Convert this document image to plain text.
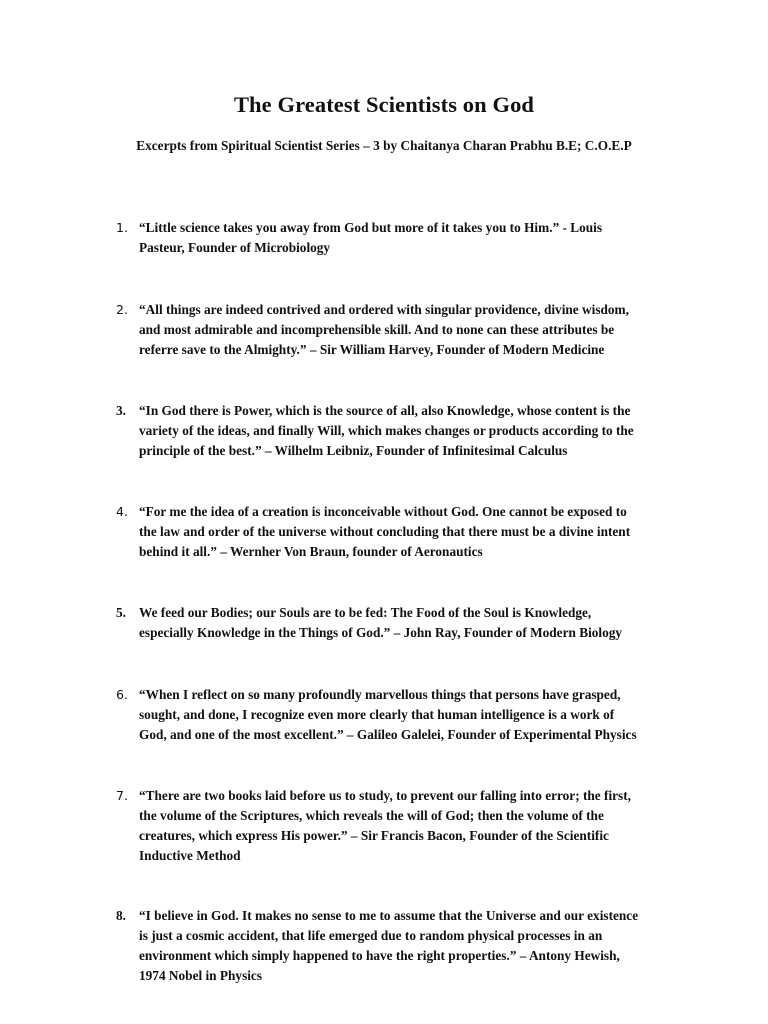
The Greatest Scientists on God
Excerpts from Spiritual Scientist Series – 3 by Chaitanya Charan Prabhu B.E; C.O.E.P
1. “Little science takes you away from God but more of it takes you to Him.” - Louis
Pasteur, Founder of Microbiology
2. “All things are indeed contrived and ordered with singular providence, divine wisdom,
and most admirable and incomprehensible skill. And to none can these attributes be
referre save to the Almighty.” – Sir William Harvey, Founder of Modern Medicine
3. “In God there is Power, which is the source of all, also Knowledge, whose content is the
variety of the ideas, and finally Will, which makes changes or products according to the
principle of the best.” – Wilhelm Leibniz, Founder of Infinitesimal Calculus
4. “For me the idea of a creation is inconceivable without God. One cannot be exposed to
the law and order of the universe without concluding that there must be a divine intent
behind it all.” – Wernher Von Braun, founder of Aeronautics
5. We feed our Bodies; our Souls are to be fed: The Food of the Soul is Knowledge,
especially Knowledge in the Things of God.” – John Ray, Founder of Modern Biology
6. “When I reflect on so many profoundly marvellous things that persons have grasped,
sought, and done, I recognize even more clearly that human intelligence is a work of
God, and one of the most excellent.” – Galileo Galelei, Founder of Experimental Physics
7. “There are two books laid before us to study, to prevent our falling into error; the first,
the volume of the Scriptures, which reveals the will of God; then the volume of the
creatures, which express His power.” – Sir Francis Bacon, Founder of the Scientific
Inductive Method
8. “I believe in God. It makes no sense to me to assume that the Universe and our existence
is just a cosmic accident, that life emerged due to random physical processes in an
environment which simply happened to have the right properties.” – Antony Hewish,
1974 Nobel in Physics
